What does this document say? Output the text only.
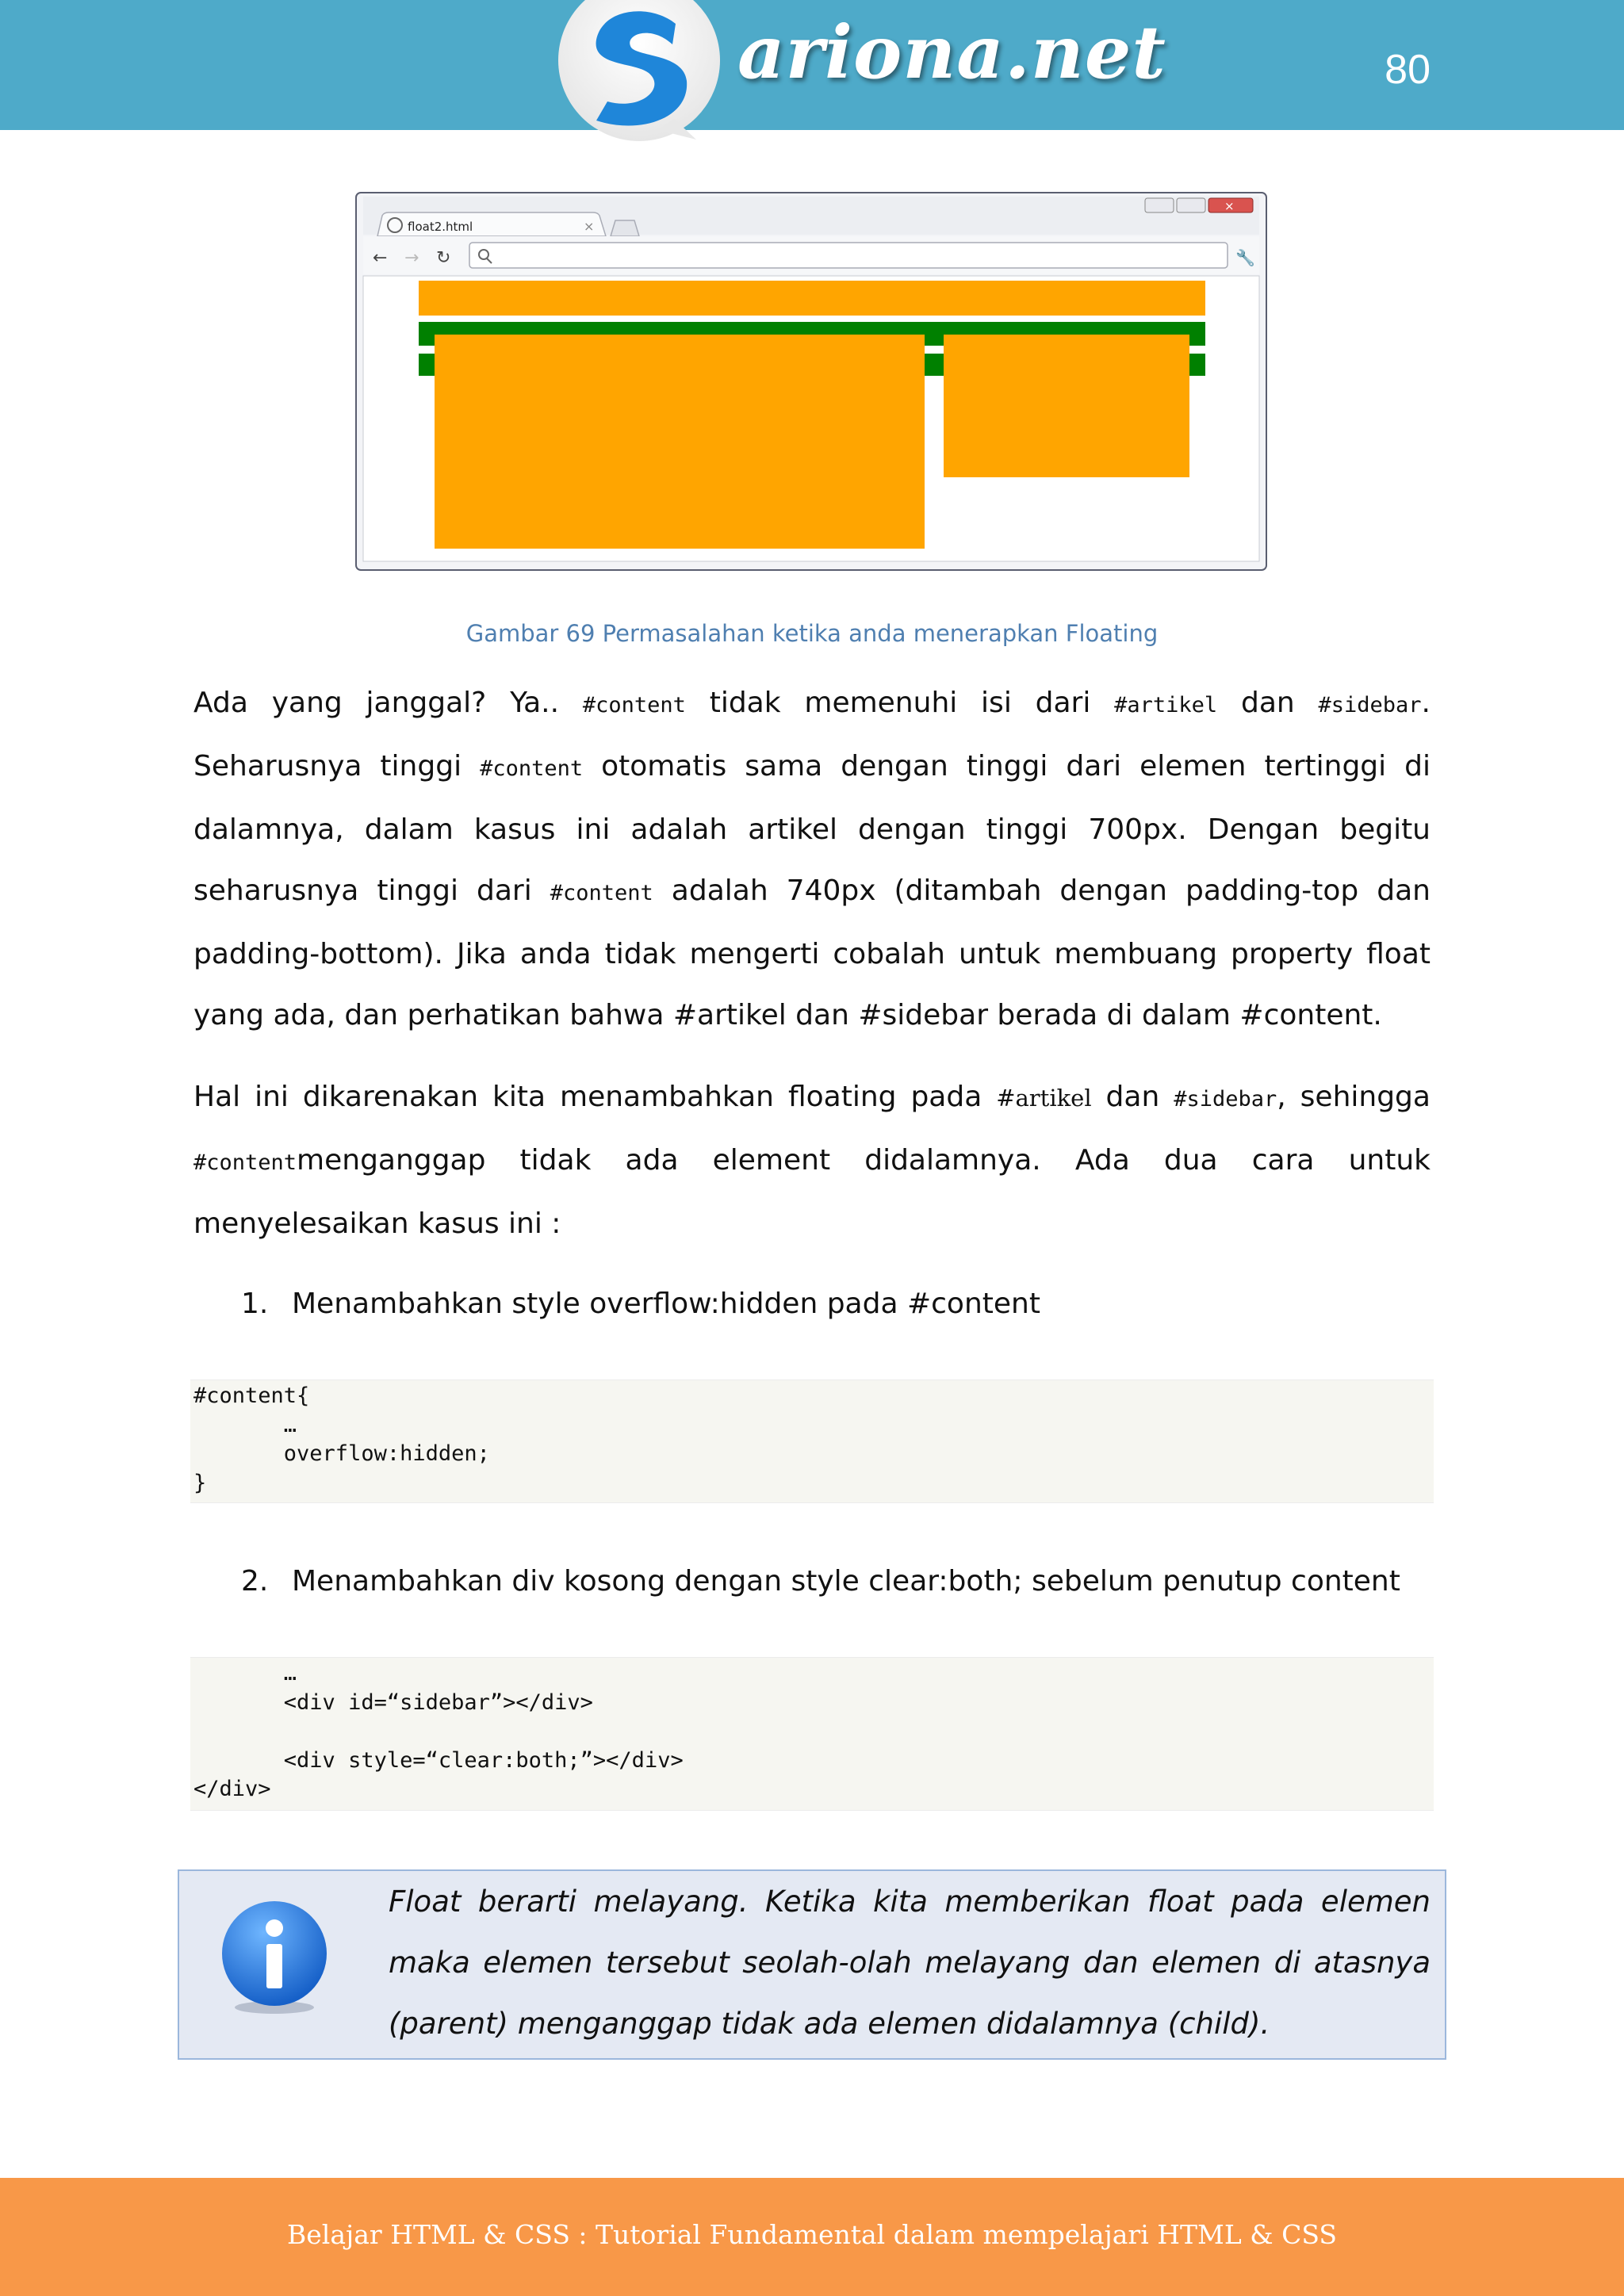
ariona.net	80
float2.html	×
×
← → ↻	🔧
Gambar 69 Permasalahan ketika anda menerapkan Floating
Ada yang janggal? Ya.. #content tidak memenuhi isi dari #artikel dan #sidebar. Seharusnya tinggi #content otomatis sama dengan tinggi dari elemen tertinggi di dalamnya, dalam kasus ini adalah artikel dengan tinggi 700px. Dengan begitu seharusnya tinggi dari #content adalah 740px (ditambah dengan padding-top dan padding-bottom). Jika anda tidak mengerti cobalah untuk membuang property float yang ada, dan perhatikan bahwa #artikel dan #sidebar berada di dalam #content.
Hal ini dikarenakan kita menambahkan floating pada #artikel dan #sidebar, sehingga #contentmenganggap tidak ada element didalamnya. Ada dua cara untuk menyelesaikan kasus ini :
1. Menambahkan style overflow:hidden pada #content
#content{
…
overflow:hidden;
}
2. Menambahkan div kosong dengan style clear:both; sebelum penutup content
…
<div id=“sidebar”></div>

<div style=“clear:both;”></div>
</div>
Float berarti melayang. Ketika kita memberikan float pada elemen maka elemen tersebut seolah-olah melayang dan elemen di atasnya (parent) menganggap tidak ada elemen didalamnya (child).
Belajar HTML & CSS : Tutorial Fundamental dalam mempelajari HTML & CSS
